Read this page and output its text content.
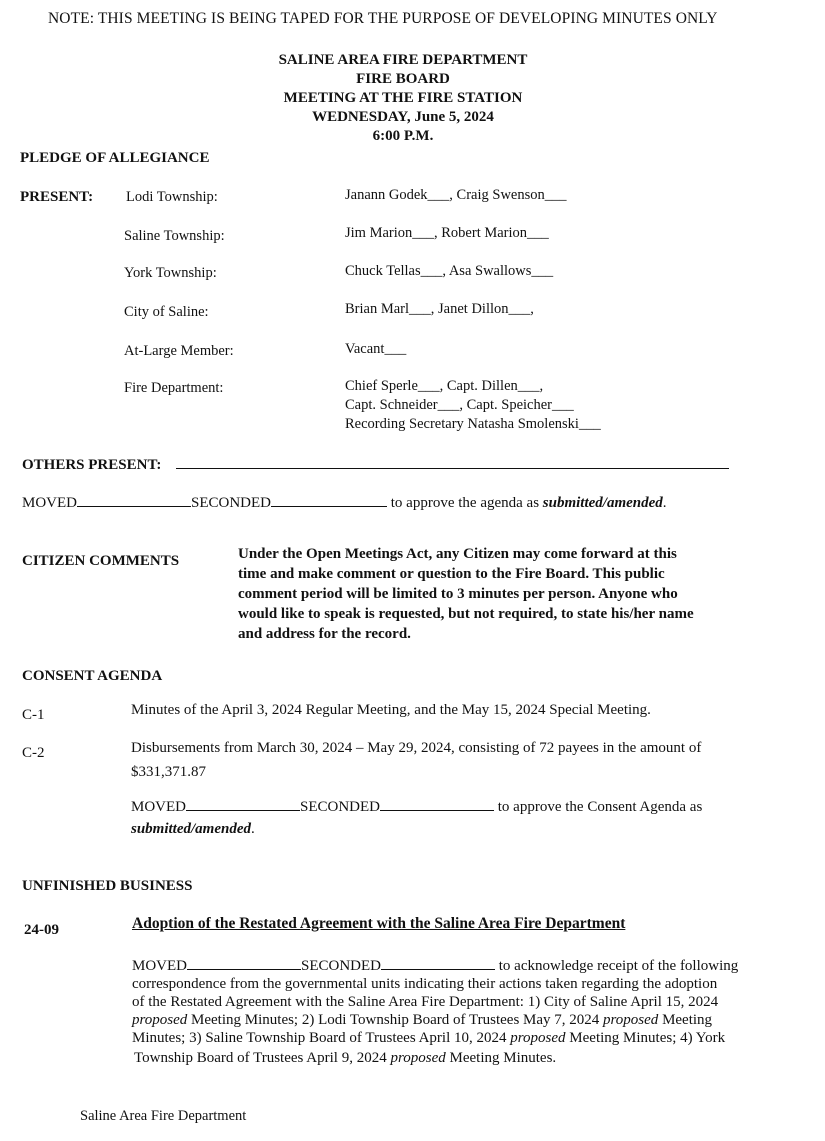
NOTE: THIS MEETING IS BEING TAPED FOR THE PURPOSE OF DEVELOPING MINUTES ONLY
SALINE AREA FIRE DEPARTMENT
FIRE BOARD
MEETING AT THE FIRE STATION
WEDNESDAY, June 5, 2024
6:00 P.M.
PLEDGE OF ALLEGIANCE
PRESENT: Lodi Township:	Janann Godek___, Craig Swenson___
Saline Township:	Jim Marion___, Robert Marion___
York Township:	Chuck Tellas___, Asa Swallows___
City of Saline:	Brian Marl___, Janet Dillon___,
At-Large Member:	Vacant___
Fire Department:	Chief Sperle___, Capt. Dillen___,
Capt. Schneider___, Capt. Speicher___
Recording Secretary Natasha Smolenski___
OTHERS PRESENT:
MOVED	SECONDED	to approve the agenda as submitted/amended.
CITIZEN COMMENTS	Under the Open Meetings Act, any Citizen may come forward at this
time and make comment or question to the Fire Board. This public
comment period will be limited to 3 minutes per person. Anyone who
would like to speak is requested, but not required, to state his/her name
and address for the record.
CONSENT AGENDA
C-1	Minutes of the April 3, 2024 Regular Meeting, and the May 15, 2024 Special Meeting.
C-2	Disbursements from March 30, 2024 – May 29, 2024, consisting of 72 payees in the amount of
$331,371.87
MOVED	SECONDED	to approve the Consent Agenda as
submitted/amended.
UNFINISHED BUSINESS
24-09	Adoption of the Restated Agreement with the Saline Area Fire Department
MOVED	SECONDED	to acknowledge receipt of the following
correspondence from the governmental units indicating their actions taken regarding the adoption
of the Restated Agreement with the Saline Area Fire Department: 1) City of Saline April 15, 2024
proposed Meeting Minutes; 2) Lodi Township Board of Trustees May 7, 2024 proposed Meeting
Minutes; 3) Saline Township Board of Trustees April 10, 2024 proposed Meeting Minutes; 4) York
Township Board of Trustees April 9, 2024 proposed Meeting Minutes.
Saline Area Fire Department
